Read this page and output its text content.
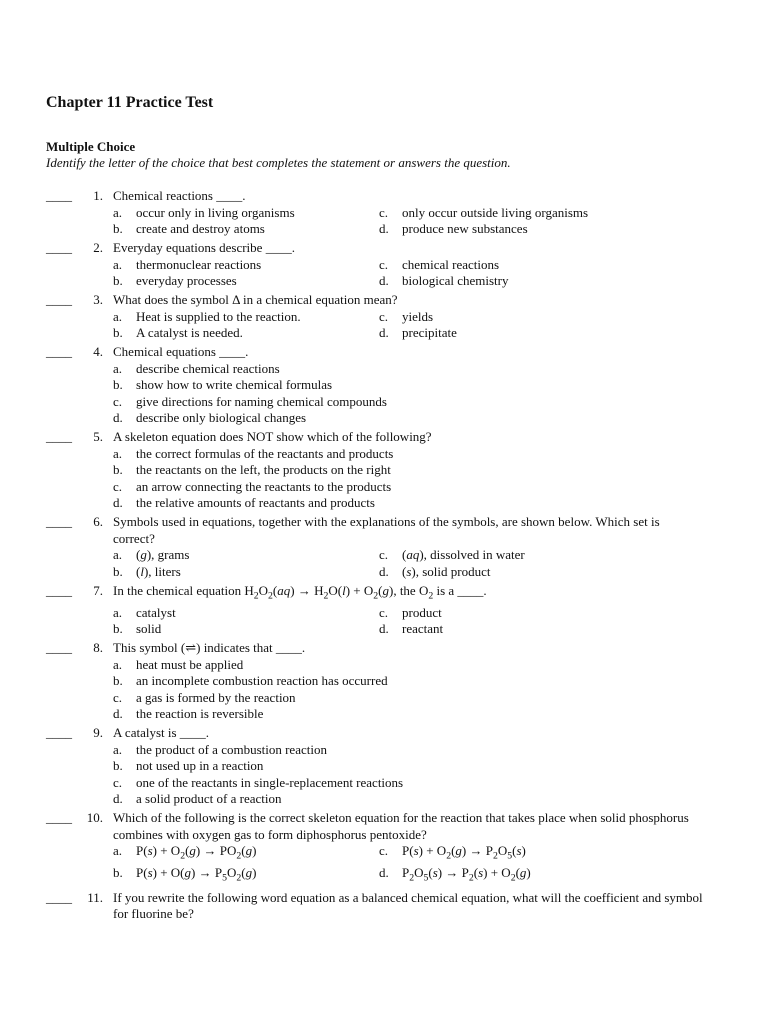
Chapter 11 Practice Test
Multiple Choice
Identify the letter of the choice that best completes the statement or answers the question.
____	1. Chemical reactions ____.
a.	occur only in living organisms
b.	create and destroy atoms
c.	only occur outside living organisms
d.	produce new substances
____	2. Everyday equations describe ____.
a.	thermonuclear reactions
b.	everyday processes
c.	chemical reactions
d.	biological chemistry
____	3. What does the symbol Δ in a chemical equation mean?
a.	Heat is supplied to the reaction.
b.	A catalyst is needed.
c.	yields
d.	precipitate
____	4. Chemical equations ____.
a.	describe chemical reactions
b.	show how to write chemical formulas
c.	give directions for naming chemical compounds
d.	describe only biological changes
____	5. A skeleton equation does NOT show which of the following?
a.	the correct formulas of the reactants and products
b.	the reactants on the left, the products on the right
c.	an arrow connecting the reactants to the products
d.	the relative amounts of reactants and products
____	6. Symbols used in equations, together with the explanations of the symbols, are shown below. Which set is correct?
a.	(g), grams
b.	(l), liters
c.	(aq), dissolved in water
d.	(s), solid product
____	7. In the chemical equation $H_2O_2(aq) \to H_2O(l) + O_2(g)$, the $O_2$ is a ____.
a.	catalyst
b.	solid
c.	product
d.	reactant
____	8. This symbol (⇌) indicates that ____.
a.	heat must be applied
b.	an incomplete combustion reaction has occurred
c.	a gas is formed by the reaction
d.	the reaction is reversible
____	9. A catalyst is ____.
a.	the product of a combustion reaction
b.	not used up in a reaction
c.	one of the reactants in single-replacement reactions
d.	a solid product of a reaction
____	10. Which of the following is the correct skeleton equation for the reaction that takes place when solid phosphorus combines with oxygen gas to form diphosphorus pentoxide?
a.	$P(s) + O_2(g) \to PO_2(g)$
b.	$P(s) + O(g) \to P_5O_2(g)$
c.	$P(s) + O_2(g) \to P_2O_5(s)$
d.	$P_2O_5(s) \to P_2(s) + O_2(g)$
____	11. If you rewrite the following word equation as a balanced chemical equation, what will the coefficient and symbol for fluorine be?
